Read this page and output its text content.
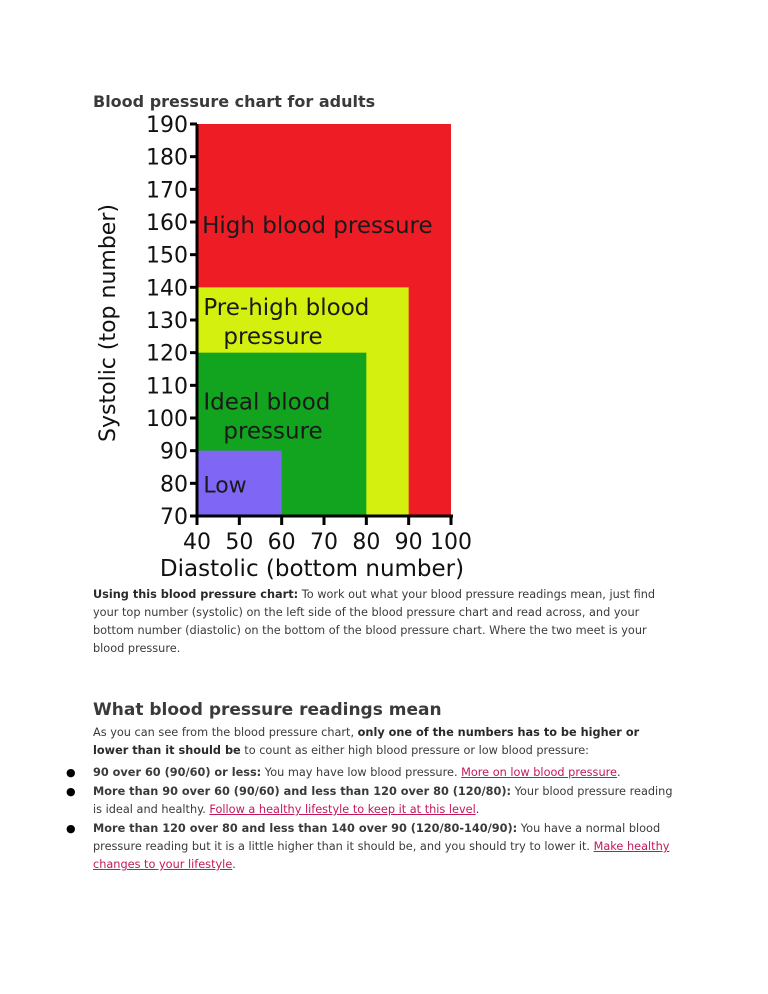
Blood pressure chart for adults
High blood pressure
Pre-high blood
pressure
Ideal blood
pressure
Low
190
180
170
160
150
140
130
120
110
100
90
80
70
40 50 60 70 80 90 100
Systolic (top number)
Diastolic (bottom number)

Using this blood pressure chart: To work out what your blood pressure readings mean, just find your top number (systolic) on the left side of the blood pressure chart and read across, and your bottom number (diastolic) on the bottom of the blood pressure chart. Where the two meet is your blood pressure.

What blood pressure readings mean

As you can see from the blood pressure chart, only one of the numbers has to be higher or lower than it should be to count as either high blood pressure or low blood pressure:

● 90 over 60 (90/60) or less: You may have low blood pressure. More on low blood pressure.
● More than 90 over 60 (90/60) and less than 120 over 80 (120/80): Your blood pressure reading is ideal and healthy. Follow a healthy lifestyle to keep it at this level.
● More than 120 over 80 and less than 140 over 90 (120/80-140/90): You have a normal blood pressure reading but it is a little higher than it should be, and you should try to lower it. Make healthy changes to your lifestyle.
